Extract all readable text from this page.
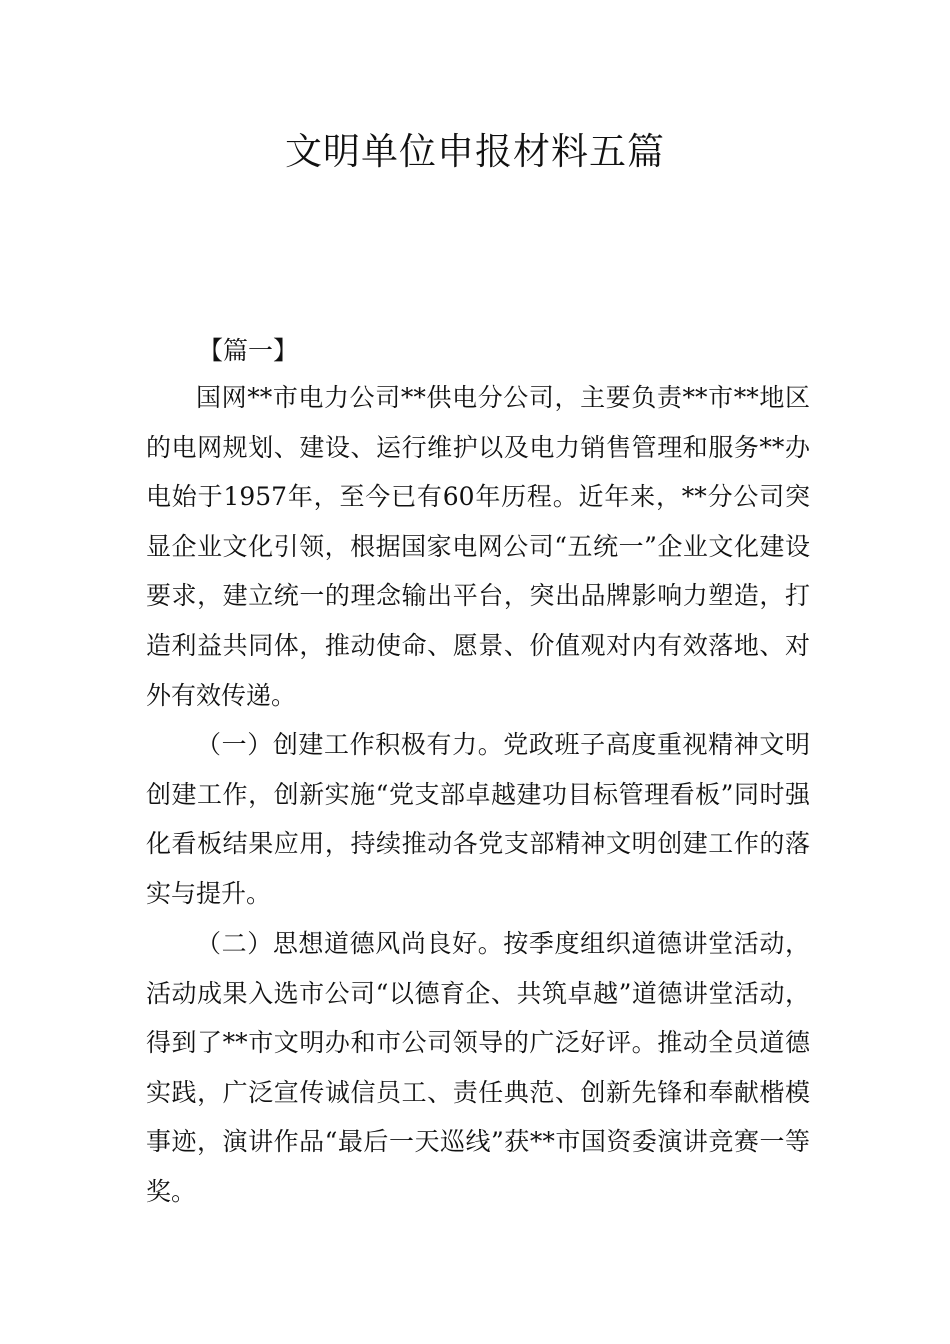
文明单位申报材料五篇
【篇一】

国网**市电力公司**供电分公司，主要负责**市**地区的电网规划、建设、运行维护以及电力销售管理和服务**办电始于1957年，至今已有60年历程。近年来，**分公司突显企业文化引领，根据国家电网公司“五统一”企业文化建设要求，建立统一的理念输出平台，突出品牌影响力塑造，打造利益共同体，推动使命、愿景、价值观对内有效落地、对外有效传递。

（一）创建工作积极有力。党政班子高度重视精神文明创建工作，创新实施“党支部卓越建功目标管理看板”同时强化看板结果应用，持续推动各党支部精神文明创建工作的落实与提升。

（二）思想道德风尚良好。按季度组织道德讲堂活动，活动成果入选市公司“以德育企、共筑卓越”道德讲堂活动，得到了**市文明办和市公司领导的广泛好评。推动全员道德实践，广泛宣传诚信员工、责任典范、创新先锋和奉献楷模事迹，演讲作品“最后一天巡线”获**市国资委演讲竞赛一等奖。
